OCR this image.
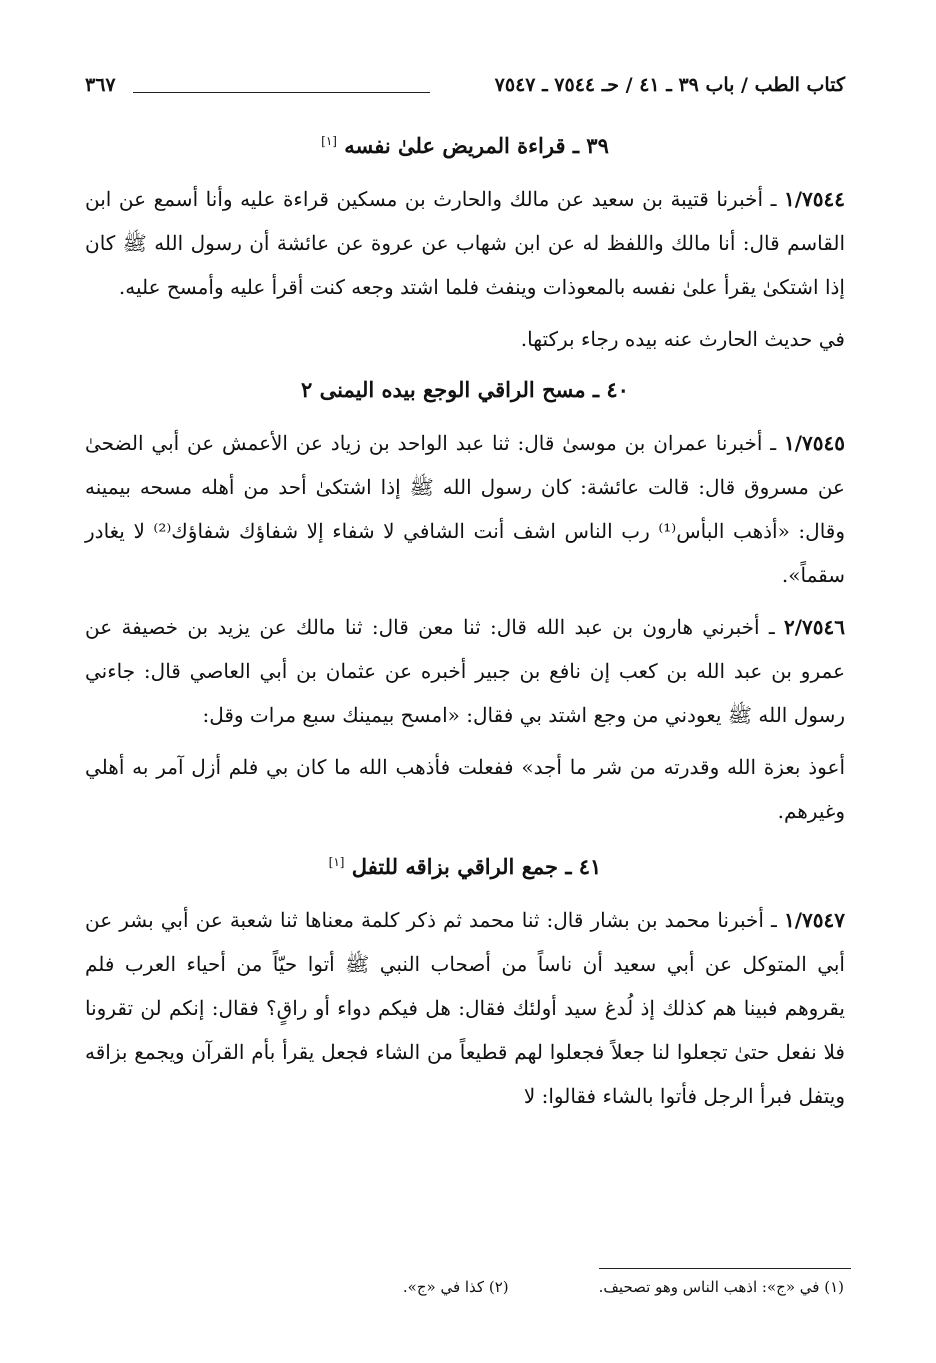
كتاب الطب / باب ٣٩ ـ ٤١ / حـ ٧٥٤٤ ـ ٧٥٤٧
٣٦٧
٣٩ ـ قراءة المريض علىٰ نفسه [١]

١/٧٥٤٤ ـ أخبرنا قتيبة بن سعيد عن مالك والحارث بن مسكين قراءة عليه وأنا أسمع عن ابن القاسم قال: أنا مالك واللفظ له عن ابن شهاب عن عروة عن عائشة أن رسول الله ﷺ كان إذا اشتكىٰ يقرأ علىٰ نفسه بالمعوذات وينفث فلما اشتد وجعه كنت أقرأ عليه وأمسح عليه.

في حديث الحارث عنه بيده رجاء بركتها.

٤٠ ـ مسح الراقي الوجع بيده اليمنى ٢

١/٧٥٤٥ ـ أخبرنا عمران بن موسىٰ قال: ثنا عبد الواحد بن زياد عن الأعمش عن أبي الضحىٰ عن مسروق قال: قالت عائشة: كان رسول الله ﷺ إذا اشتكىٰ أحد من أهله مسحه بيمينه وقال: «أذهب البأس⁽¹⁾ رب الناس اشف أنت الشافي لا شفاء إلا شفاؤك شفاؤك⁽²⁾ لا يغادر سقماً».

٢/٧٥٤٦ ـ أخبرني هارون بن عبد الله قال: ثنا معن قال: ثنا مالك عن يزيد بن خصيفة عن عمرو بن عبد الله بن كعب إن نافع بن جبير أخبره عن عثمان بن أبي العاصي قال: جاءني رسول الله ﷺ يعودني من وجع اشتد بي فقال: «امسح بيمينك سبع مرات وقل:

أعوذ بعزة الله وقدرته من شر ما أجد» ففعلت فأذهب الله ما كان بي فلم أزل آمر به أهلي وغيرهم.

٤١ ـ جمع الراقي بزاقه للتفل [١]

١/٧٥٤٧ ـ أخبرنا محمد بن بشار قال: ثنا محمد ثم ذكر كلمة معناها ثنا شعبة عن أبي بشر عن أبي المتوكل عن أبي سعيد أن ناساً من أصحاب النبي ﷺ أتوا حيّاً من أحياء العرب فلم يقروهم فبينا هم كذلك إذ لُدغ سيد أولئك فقال: هل فيكم دواء أو راقٍ؟ فقال: إنكم لن تقرونا فلا نفعل حتىٰ تجعلوا لنا جعلاً فجعلوا لهم قطيعاً من الشاء فجعل يقرأ بأم القرآن ويجمع بزاقه ويتفل فبرأ الرجل فأتوا بالشاء فقالوا: لا

(١) في «ج»: اذهب الناس وهو تصحيف.
(٢) كذا في «ج».
